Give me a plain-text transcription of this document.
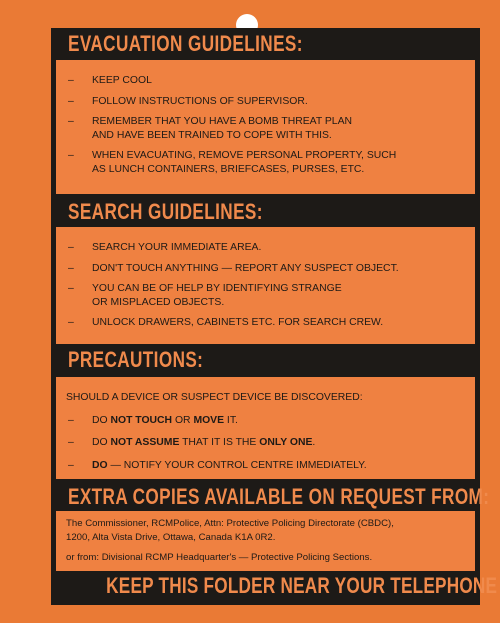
EVACUATION GUIDELINES:
–	KEEP COOL
–	FOLLOW INSTRUCTIONS OF SUPERVISOR.
–	REMEMBER THAT YOU HAVE A BOMB THREAT PLAN
AND HAVE BEEN TRAINED TO COPE WITH THIS.
–	WHEN EVACUATING, REMOVE PERSONAL PROPERTY, SUCH
AS LUNCH CONTAINERS, BRIEFCASES, PURSES, ETC.
SEARCH GUIDELINES:
–	SEARCH YOUR IMMEDIATE AREA.
–	DON'T TOUCH ANYTHING — REPORT ANY SUSPECT OBJECT.
–	YOU CAN BE OF HELP BY IDENTIFYING STRANGE
OR MISPLACED OBJECTS.
–	UNLOCK DRAWERS, CABINETS ETC. FOR SEARCH CREW.
PRECAUTIONS:
SHOULD A DEVICE OR SUSPECT DEVICE BE DISCOVERED:
–	DO NOT TOUCH OR MOVE IT.
–	DO NOT ASSUME THAT IT IS THE ONLY ONE.
–	DO — NOTIFY YOUR CONTROL CENTRE IMMEDIATELY.
EXTRA COPIES AVAILABLE ON REQUEST FROM:

The Commissioner, RCMPolice, Attn: Protective Policing Directorate (CBDC),

1200, Alta Vista Drive, Ottawa, Canada K1A 0R2.

or from: Divisional RCMP Headquarter's — Protective Policing Sections.

KEEP THIS FOLDER NEAR YOUR TELEPHONE
